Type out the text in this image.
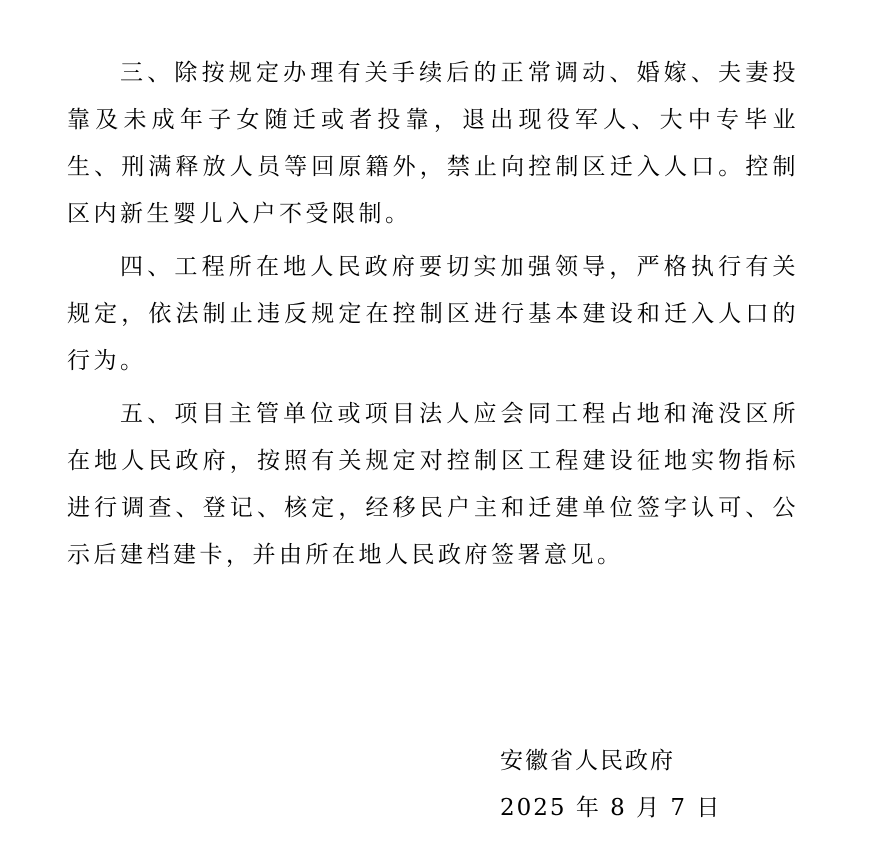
三、除按规定办理有关手续后的正常调动、婚嫁、夫妻投靠及未成年子女随迁或者投靠，退出现役军人、大中专毕业生、刑满释放人员等回原籍外，禁止向控制区迁入人口。控制区内新生婴儿入户不受限制。

四、工程所在地人民政府要切实加强领导，严格执行有关规定，依法制止违反规定在控制区进行基本建设和迁入人口的行为。

五、项目主管单位或项目法人应会同工程占地和淹没区所在地人民政府，按照有关规定对控制区工程建设征地实物指标进行调查、登记、核定，经移民户主和迁建单位签字认可、公示后建档建卡，并由所在地人民政府签署意见。

安徽省人民政府
2025 年 8 月 7 日
